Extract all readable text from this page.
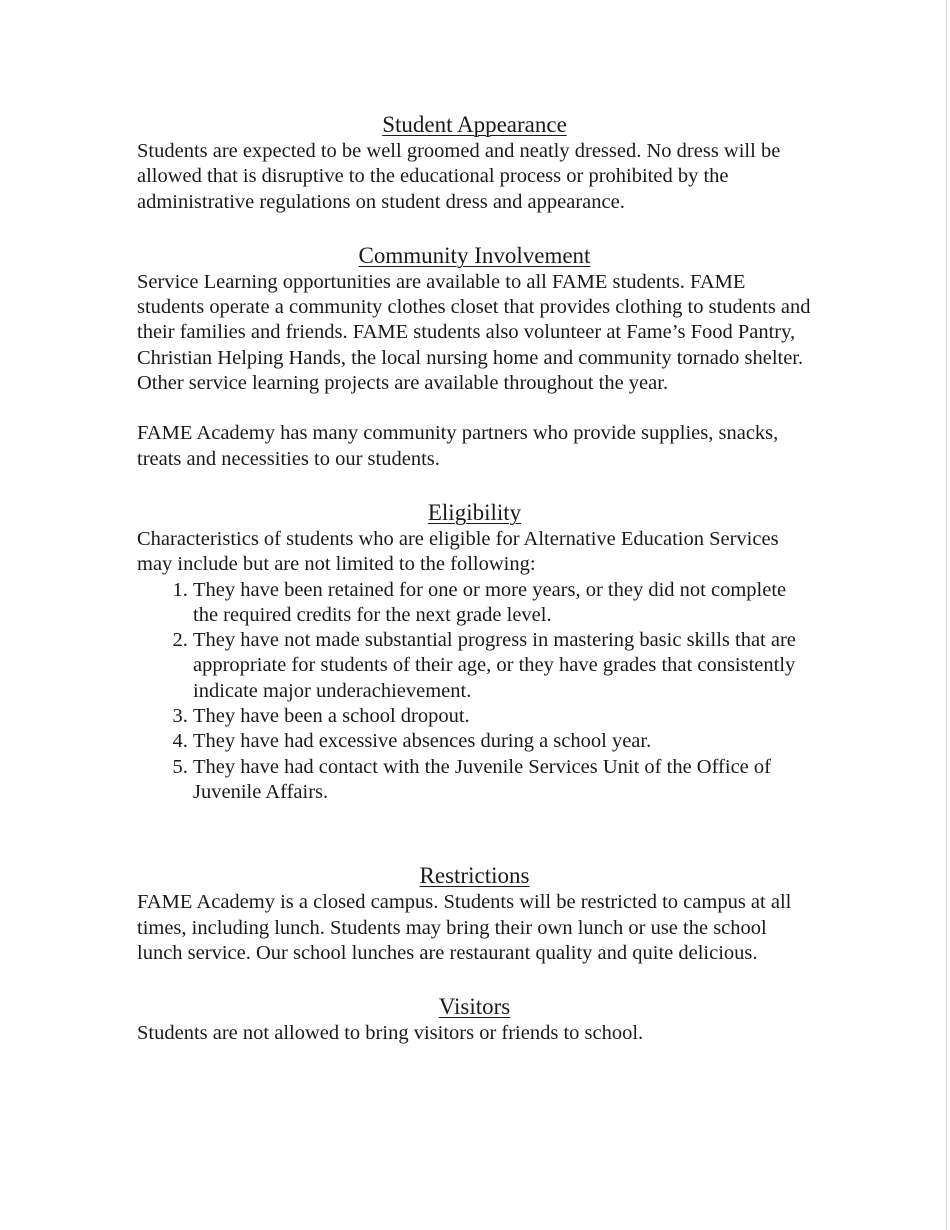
Student Appearance

Students are expected to be well groomed and neatly dressed. No dress will be allowed that is disruptive to the educational process or prohibited by the administrative regulations on student dress and appearance.

Community Involvement

Service Learning opportunities are available to all FAME students. FAME students operate a community clothes closet that provides clothing to students and their families and friends. FAME students also volunteer at Fame’s Food Pantry, Christian Helping Hands, the local nursing home and community tornado shelter. Other service learning projects are available throughout the year.

FAME Academy has many community partners who provide supplies, snacks, treats and necessities to our students.

Eligibility

Characteristics of students who are eligible for Alternative Education Services may include but are not limited to the following:

1. They have been retained for one or more years, or they did not complete the required credits for the next grade level.
2. They have not made substantial progress in mastering basic skills that are appropriate for students of their age, or they have grades that consistently indicate major underachievement.
3. They have been a school dropout.
4. They have had excessive absences during a school year.
5. They have had contact with the Juvenile Services Unit of the Office of Juvenile Affairs.
Restrictions

FAME Academy is a closed campus. Students will be restricted to campus at all times, including lunch. Students may bring their own lunch or use the school lunch service. Our school lunches are restaurant quality and quite delicious.

Visitors

Students are not allowed to bring visitors or friends to school.
